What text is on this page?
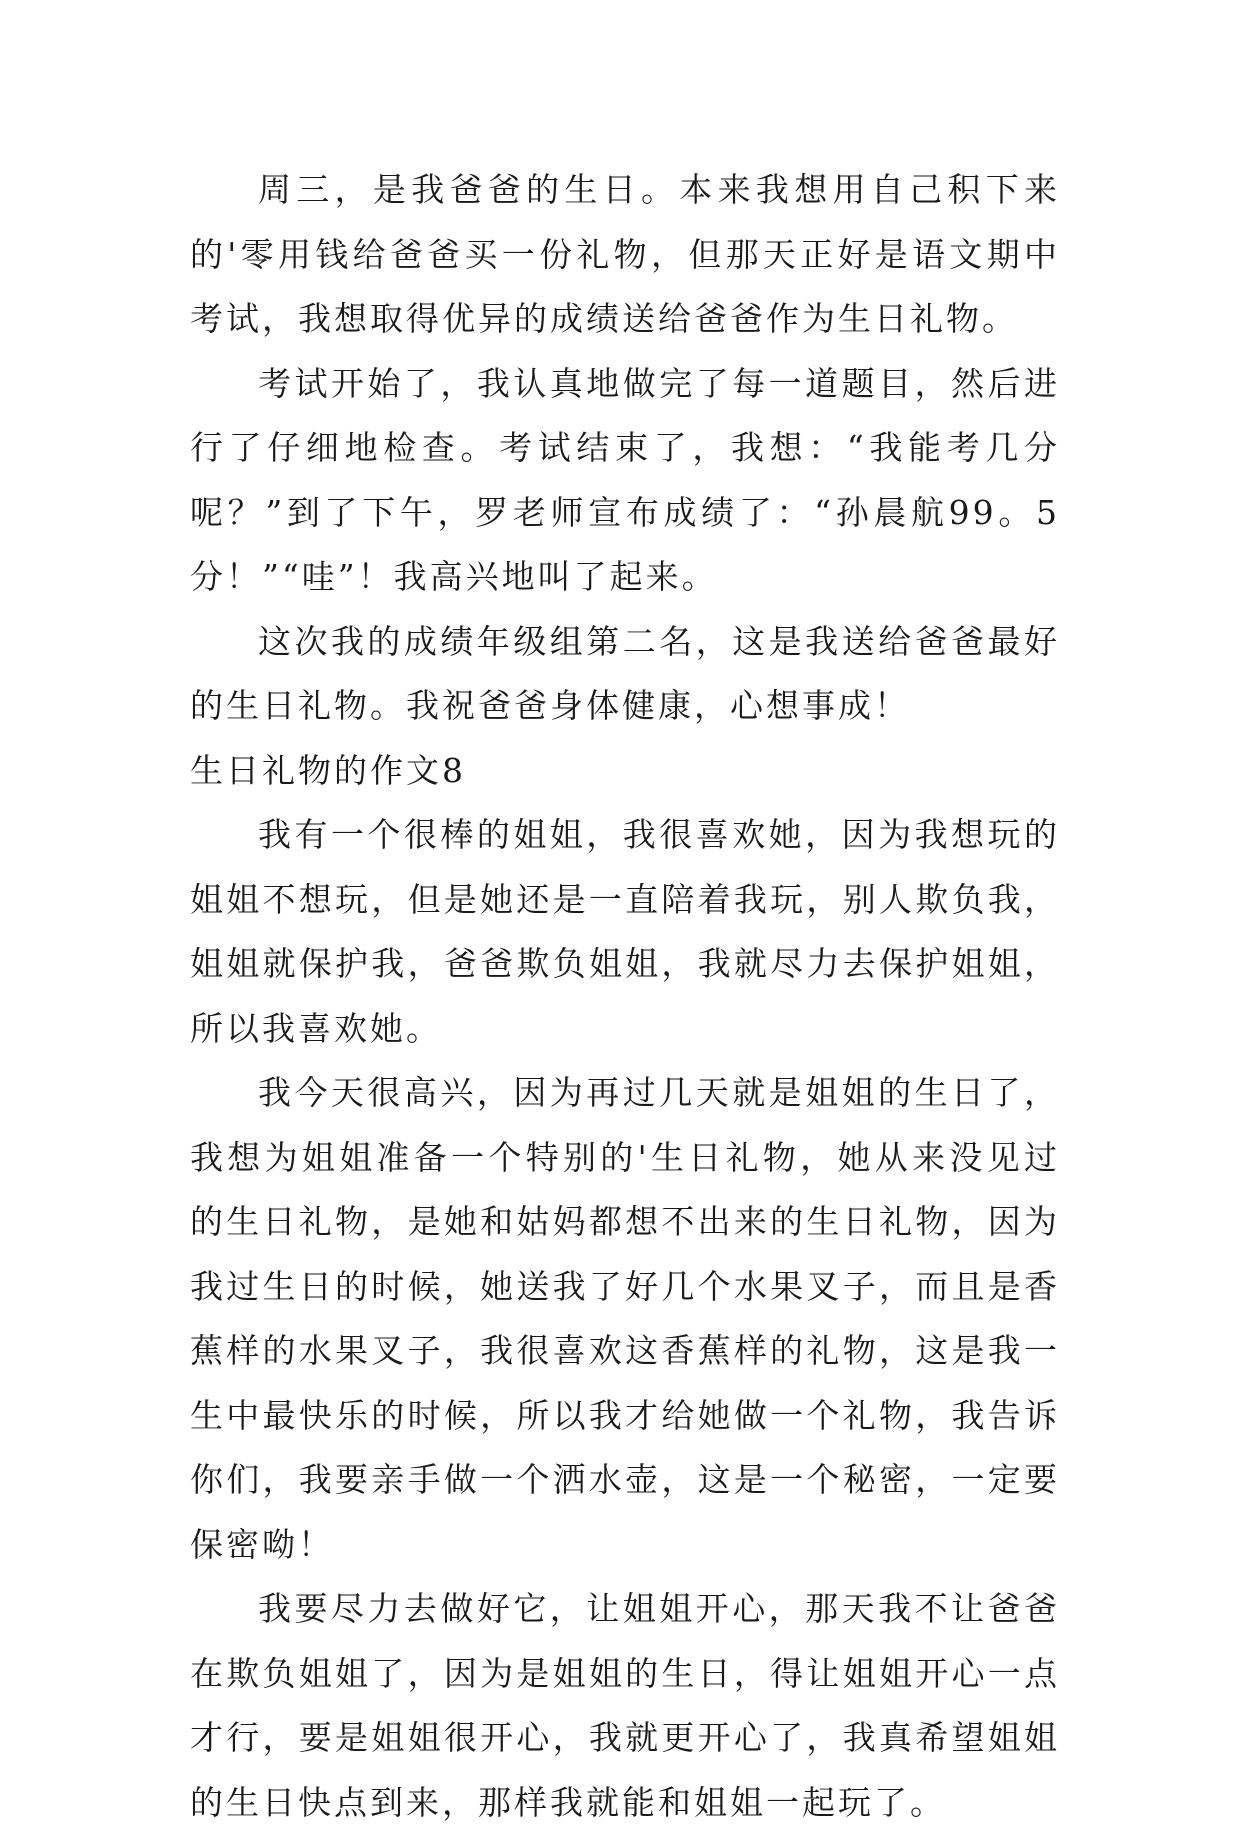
周三，是我爸爸的生日。本来我想用自己积下来的'零用钱给爸爸买一份礼物，但那天正好是语文期中考试，我想取得优异的成绩送给爸爸作为生日礼物。

考试开始了，我认真地做完了每一道题目，然后进行了仔细地检查。考试结束了，我想：“我能考几分呢？”到了下午，罗老师宣布成绩了：“孙晨航99。5分！”“哇”！我高兴地叫了起来。

这次我的成绩年级组第二名，这是我送给爸爸最好的生日礼物。我祝爸爸身体健康，心想事成！

生日礼物的作文8

我有一个很棒的姐姐，我很喜欢她，因为我想玩的姐姐不想玩，但是她还是一直陪着我玩，别人欺负我，姐姐就保护我，爸爸欺负姐姐，我就尽力去保护姐姐，所以我喜欢她。

我今天很高兴，因为再过几天就是姐姐的生日了，我想为姐姐准备一个特别的'生日礼物，她从来没见过的生日礼物，是她和姑妈都想不出来的生日礼物，因为我过生日的时候，她送我了好几个水果叉子，而且是香蕉样的水果叉子，我很喜欢这香蕉样的礼物，这是我一生中最快乐的时候，所以我才给她做一个礼物，我告诉你们，我要亲手做一个洒水壶，这是一个秘密，一定要保密呦！

我要尽力去做好它，让姐姐开心，那天我不让爸爸在欺负姐姐了，因为是姐姐的生日，得让姐姐开心一点才行，要是姐姐很开心，我就更开心了，我真希望姐姐的生日快点到来，那样我就能和姐姐一起玩了。
